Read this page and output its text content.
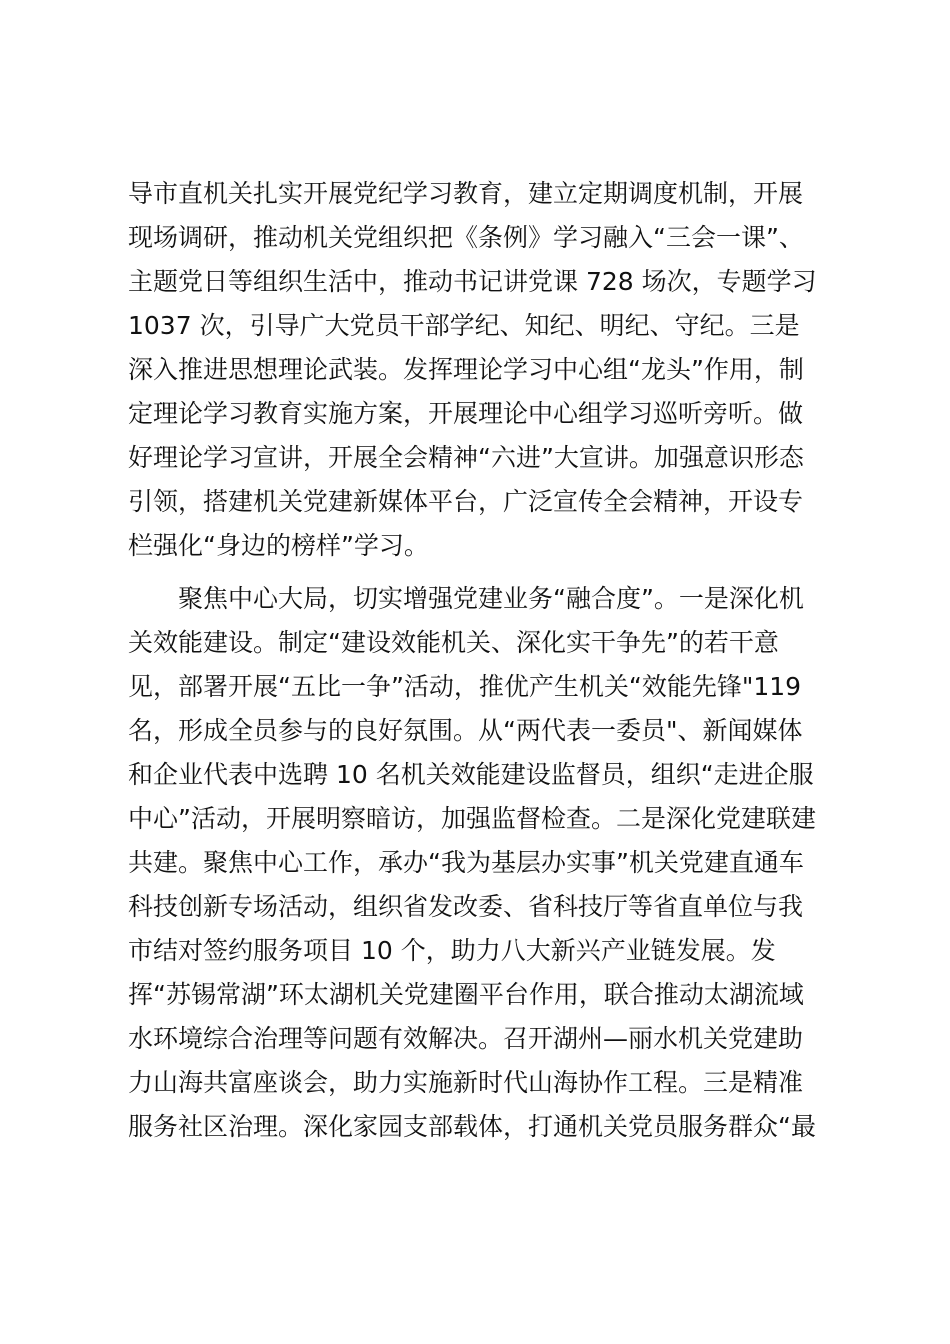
导市直机关扎实开展党纪学习教育，建立定期调度机制，开展
现场调研，推动机关党组织把《条例》学习融入“三会一课”、
主题党日等组织生活中，推动书记讲党课 728 场次，专题学习
1037 次，引导广大党员干部学纪、知纪、明纪、守纪。三是
深入推进思想理论武装。发挥理论学习中心组“龙头”作用，制
定理论学习教育实施方案，开展理论中心组学习巡听旁听。做
好理论学习宣讲，开展全会精神“六进”大宣讲。加强意识形态
引领，搭建机关党建新媒体平台，广泛宣传全会精神，开设专
栏强化“身边的榜样”学习。
聚焦中心大局，切实增强党建业务“融合度”。一是深化机
关效能建设。制定“建设效能机关、深化实干争先”的若干意
见，部署开展“五比一争”活动，推优产生机关“效能先锋"119
名，形成全员参与的良好氛围。从“两代表一委员"、新闻媒体
和企业代表中选聘 10 名机关效能建设监督员，组织“走进企服
中心”活动，开展明察暗访，加强监督检查。二是深化党建联建
共建。聚焦中心工作，承办“我为基层办实事”机关党建直通车
科技创新专场活动，组织省发改委、省科技厅等省直单位与我
市结对签约服务项目 10 个，助力八大新兴产业链发展。发
挥“苏锡常湖”环太湖机关党建圈平台作用，联合推动太湖流域
水环境综合治理等问题有效解决。召开湖州—丽水机关党建助
力山海共富座谈会，助力实施新时代山海协作工程。三是精准
服务社区治理。深化家园支部载体，打通机关党员服务群众“最
